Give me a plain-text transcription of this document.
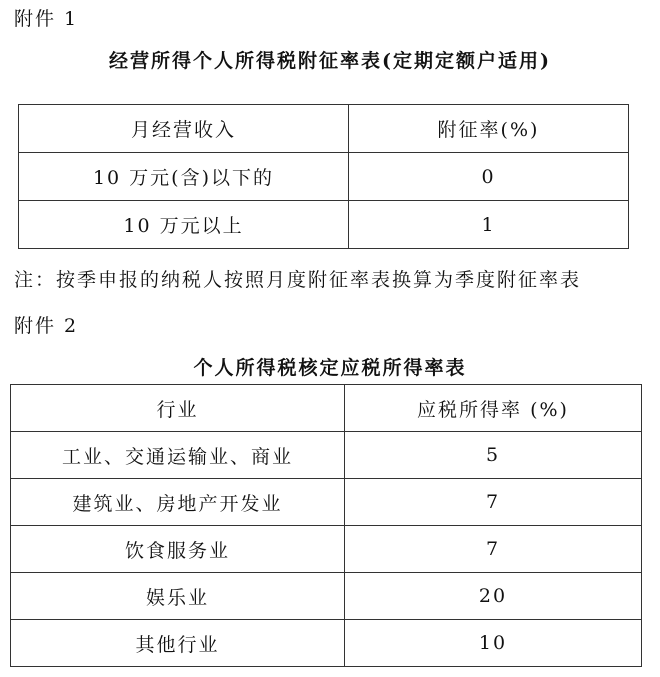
附件 1
经营所得个人所得税附征率表(定期定额户适用)
月经营收入	附征率(%)
10 万元(含)以下的	0
10 万元以上	1
注：按季申报的纳税人按照月度附征率表换算为季度附征率表
附件 2
个人所得税核定应税所得率表
行业	应税所得率 (%)
工业、交通运输业、商业	5
建筑业、房地产开发业	7
饮食服务业	7
娱乐业	20
其他行业	10
